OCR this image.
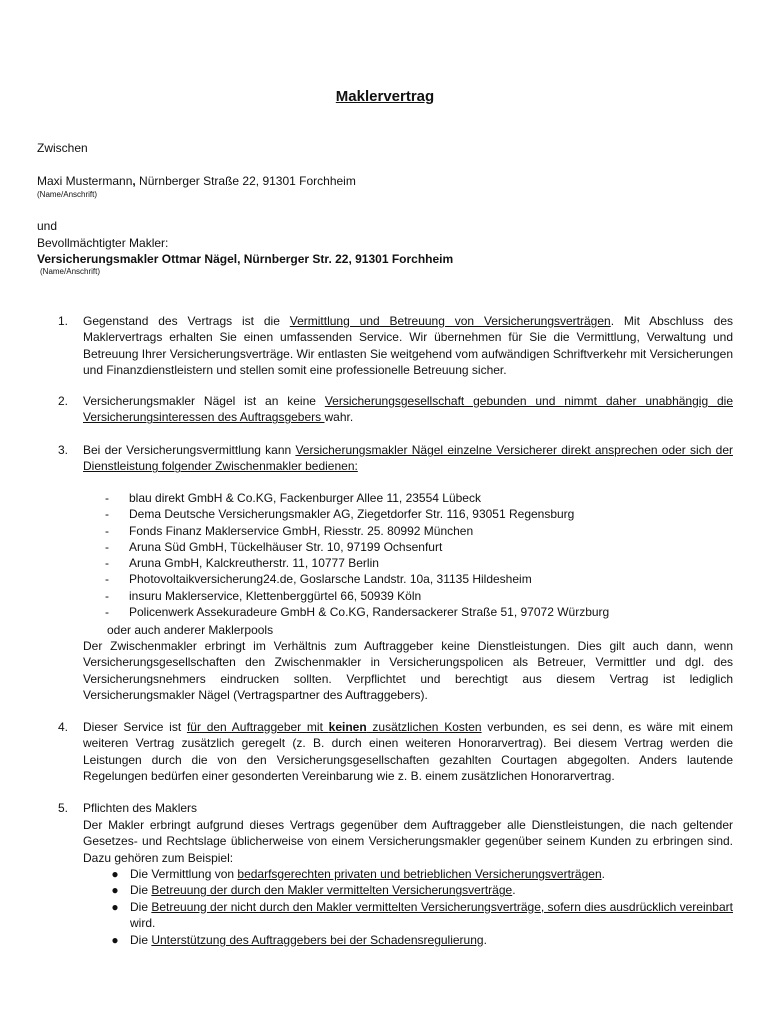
Maklervertrag
Zwischen
Maxi Mustermann, Nürnberger Straße 22, 91301 Forchheim
(Name/Anschrift)
und
Bevollmächtigter Makler:
Versicherungsmakler Ottmar Nägel, Nürnberger Str. 22, 91301 Forchheim
(Name/Anschrift)
1. Gegenstand des Vertrags ist die Vermittlung und Betreuung von Versicherungsverträgen. Mit Abschluss des Maklervertrags erhalten Sie einen umfassenden Service. Wir übernehmen für Sie die Vermittlung, Verwaltung und Betreuung Ihrer Versicherungsverträge. Wir entlasten Sie weitgehend vom aufwändigen Schriftverkehr mit Versicherungen und Finanzdienstleistern und stellen somit eine professionelle Betreuung sicher.
2. Versicherungsmakler Nägel ist an keine Versicherungsgesellschaft gebunden und nimmt daher unabhängig die Versicherungsinteressen des Auftragsgebers wahr.
3. Bei der Versicherungsvermittlung kann Versicherungsmakler Nägel einzelne Versicherer direkt ansprechen oder sich der Dienstleistung folgender Zwischenmakler bedienen:
-	blau direkt GmbH & Co.KG, Fackenburger Allee 11, 23554 Lübeck
-	Dema Deutsche Versicherungsmakler AG, Ziegetdorfer Str. 116, 93051 Regensburg
-	Fonds Finanz Maklerservice GmbH, Riesstr. 25. 80992 München
-	Aruna Süd GmbH, Tückelhäuser Str. 10, 97199 Ochsenfurt
-	Aruna GmbH, Kalckreutherstr. 11, 10777 Berlin
-	Photovoltaikversicherung24.de, Goslarsche Landstr. 10a, 31135 Hildesheim
-	insuru Maklerservice, Klettenberggürtel 66, 50939 Köln
-	Policenwerk Assekuradeure GmbH & Co.KG, Randersackerer Straße 51, 97072 Würzburg
oder auch anderer Maklerpools
Der Zwischenmakler erbringt im Verhältnis zum Auftraggeber keine Dienstleistungen. Dies gilt auch dann, wenn Versicherungsgesellschaften den Zwischenmakler in Versicherungspolicen als Betreuer, Vermittler und dgl. des Versicherungsnehmers eindrucken sollten. Verpflichtet und berechtigt aus diesem Vertrag ist lediglich Versicherungsmakler Nägel (Vertragspartner des Auftraggebers).
4. Dieser Service ist für den Auftraggeber mit keinen zusätzlichen Kosten verbunden, es sei denn, es wäre mit einem weiteren Vertrag zusätzlich geregelt (z. B. durch einen weiteren Honorarvertrag). Bei diesem Vertrag werden die Leistungen durch die von den Versicherungsgesellschaften gezahlten Courtagen abgegolten. Anders lautende Regelungen bedürfen einer gesonderten Vereinbarung wie z. B. einem zusätzlichen Honorarvertrag.
5. Pflichten des Maklers
Der Makler erbringt aufgrund dieses Vertrags gegenüber dem Auftraggeber alle Dienstleistungen, die nach geltender Gesetzes- und Rechtslage üblicherweise von einem Versicherungsmakler gegenüber seinem Kunden zu erbringen sind. Dazu gehören zum Beispiel:
● Die Vermittlung von bedarfsgerechten privaten und betrieblichen Versicherungsverträgen.
● Die Betreuung der durch den Makler vermittelten Versicherungsverträge.
● Die Betreuung der nicht durch den Makler vermittelten Versicherungsverträge, sofern dies ausdrücklich vereinbart wird.
● Die Unterstützung des Auftraggebers bei der Schadensregulierung.
